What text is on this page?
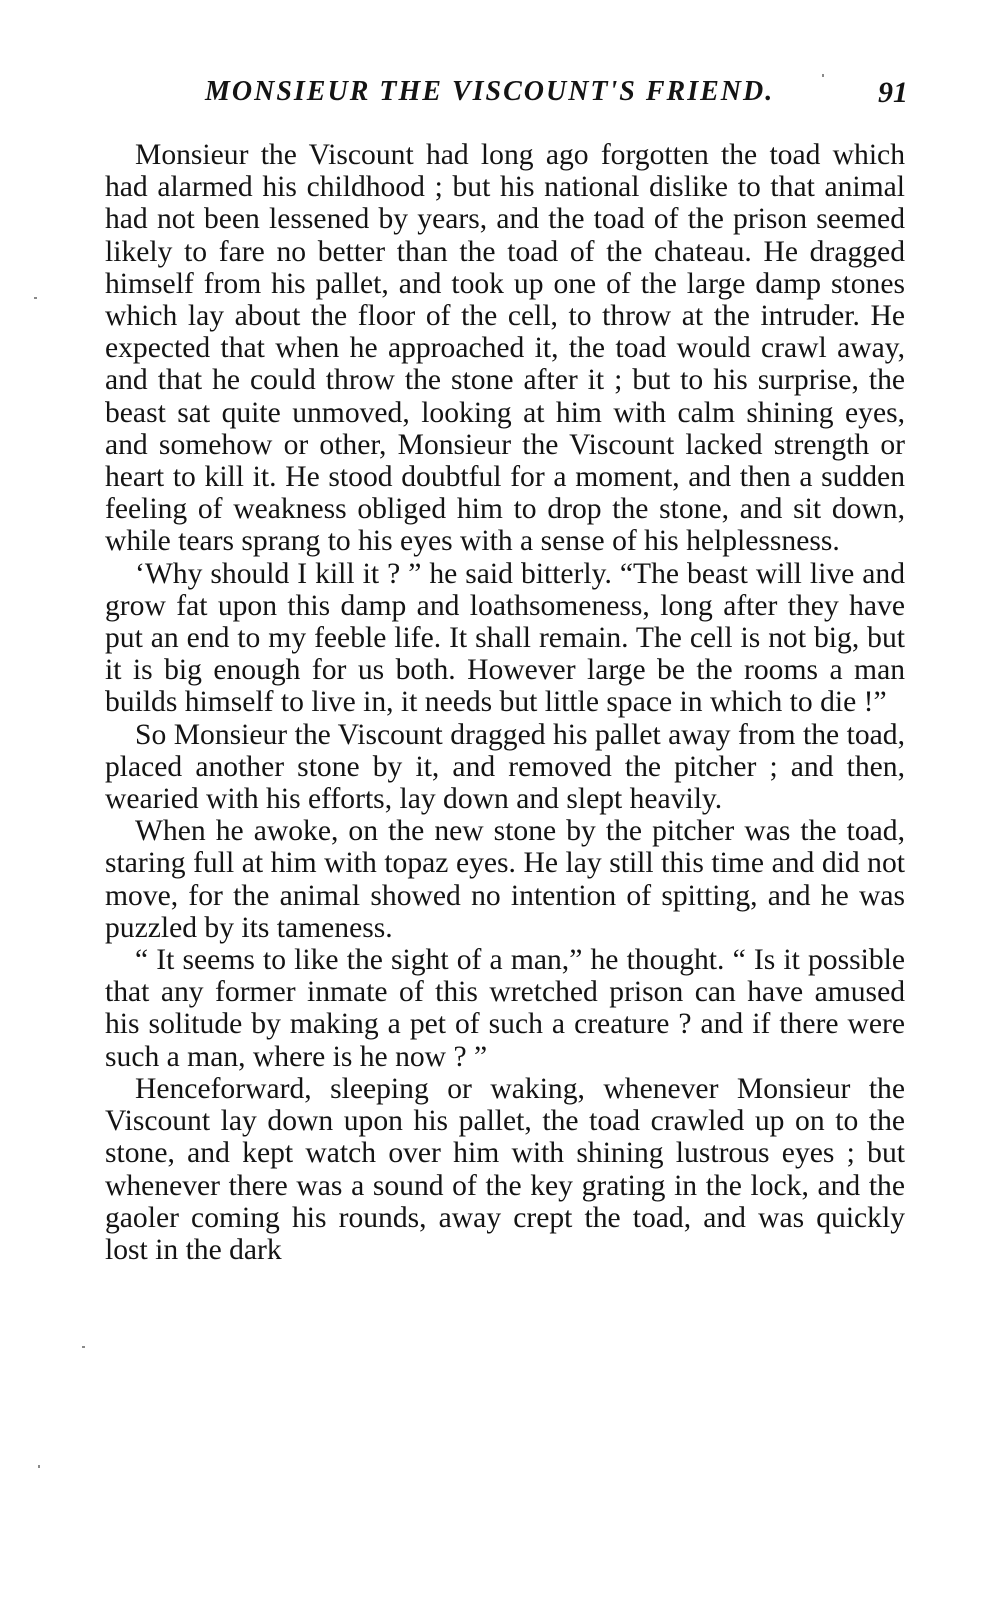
MONSIEUR THE VISCOUNT'S FRIEND.	91

Monsieur the Viscount had long ago forgotten the toad which had alarmed his childhood ; but his national dislike to that animal had not been lessened by years, and the toad of the prison seemed likely to fare no better than the toad of the chateau. He dragged himself from his pallet, and took up one of the large damp stones which lay about the floor of the cell, to throw at the intruder. He expected that when he approached it, the toad would crawl away, and that he could throw the stone after it ; but to his surprise, the beast sat quite unmoved, looking at him with calm shining eyes, and somehow or other, Monsieur the Viscount lacked strength or heart to kill it. He stood doubtful for a moment, and then a sudden feeling of weakness obliged him to drop the stone, and sit down, while tears sprang to his eyes with a sense of his helplessness.

‘Why should I kill it ? ” he said bitterly. “The beast will live and grow fat upon this damp and loathsomeness, long after they have put an end to my feeble life. It shall remain. The cell is not big, but it is big enough for us both. However large be the rooms a man builds himself to live in, it needs but little space in which to die !”

So Monsieur the Viscount dragged his pallet away from the toad, placed another stone by it, and removed the pitcher ; and then, wearied with his efforts, lay down and slept heavily.

When he awoke, on the new stone by the pitcher was the toad, staring full at him with topaz eyes. He lay still this time and did not move, for the animal showed no intention of spitting, and he was puzzled by its tameness.

“ It seems to like the sight of a man,” he thought. “ Is it possible that any former inmate of this wretched prison can have amused his solitude by making a pet of such a creature ? and if there were such a man, where is he now ? ”

Henceforward, sleeping or waking, whenever Monsieur the Viscount lay down upon his pallet, the toad crawled up on to the stone, and kept watch over him with shining lustrous eyes ; but whenever there was a sound of the key grating in the lock, and the gaoler coming his rounds, away crept the toad, and was quickly lost in the dark
